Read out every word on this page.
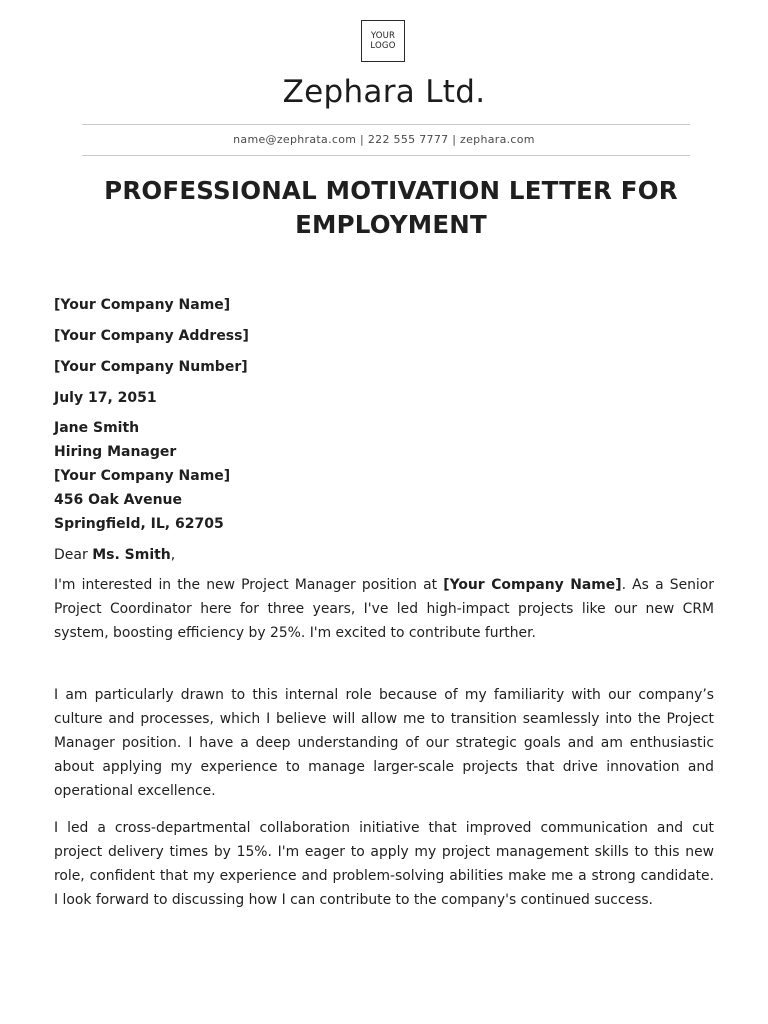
YOUR
LOGO
Zephara Ltd.
name@zephrata.com | 222 555 7777 | zephara.com
PROFESSIONAL MOTIVATION LETTER FOR EMPLOYMENT
[Your Company Name]
[Your Company Address]
[Your Company Number]
July 17, 2051
Jane Smith
Hiring Manager
[Your Company Name]
456 Oak Avenue
Springfield, IL, 62705
Dear Ms. Smith,
I'm interested in the new Project Manager position at [Your Company Name]. As a Senior Project Coordinator here for three years, I've led high-impact projects like our new CRM system, boosting efficiency by 25%. I'm excited to contribute further.
I am particularly drawn to this internal role because of my familiarity with our company’s culture and processes, which I believe will allow me to transition seamlessly into the Project Manager position. I have a deep understanding of our strategic goals and am enthusiastic about applying my experience to manage larger-scale projects that drive innovation and operational excellence.
I led a cross-departmental collaboration initiative that improved communication and cut project delivery times by 15%. I'm eager to apply my project management skills to this new role, confident that my experience and problem-solving abilities make me a strong candidate. I look forward to discussing how I can contribute to the company's continued success.
